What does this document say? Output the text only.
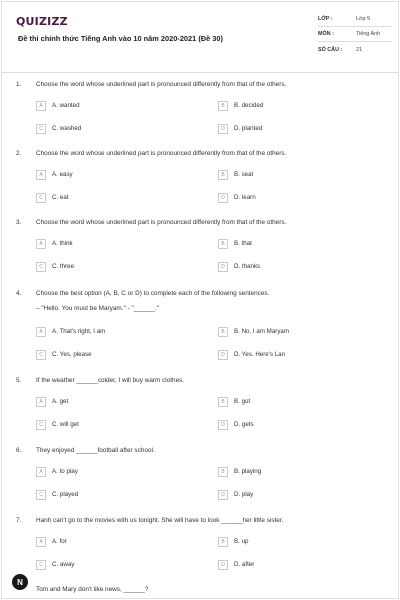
QUIZIZZ
Đề thi chính thức Tiếng Anh vào 10 năm 2020-2021 (Đề 30)
LỚP :	Lớp 9
MÔN :	Tiếng Anh
SỐ CÂU :	21
1. Choose the word whose underlined part is pronounced differently from that of the others.
A	A. wanted	B	B. decided
C	C. washed	D	D. planted
2. Choose the word whose underlined part is pronounced differently from that of the others.
A	A. easy	B	B. seat
C	C. eat	D	D. learn
3. Choose the word whose underlined part is pronounced differently from that of the others.
A	A. think	B	B. that
C	C. three	D	D. thanks
4. Choose the best option (A, B, C or D) to complete each of the following sentences.
– "Hello. You must be Maryam." - "______."
A	A. That's right, I am	B	B. No, I am Maryam
C	C. Yes, please	D	D. Yes. Here's Lan
5. If the weather ______colder, I will buy warm clothes.
A	A. get	B	B. got
C	C. will get	D	D. gets
6. They enjoyed ______football after school.
A	A. to play	B	B. playing
C	C. played	D	D. play
7. Hanh can't go to the movies with us tonight. She will have to look ______her little sister.
A	A. for	B	B. up
C	C. away	D	D. after
Tom and Mary don't like news, ______?
N
